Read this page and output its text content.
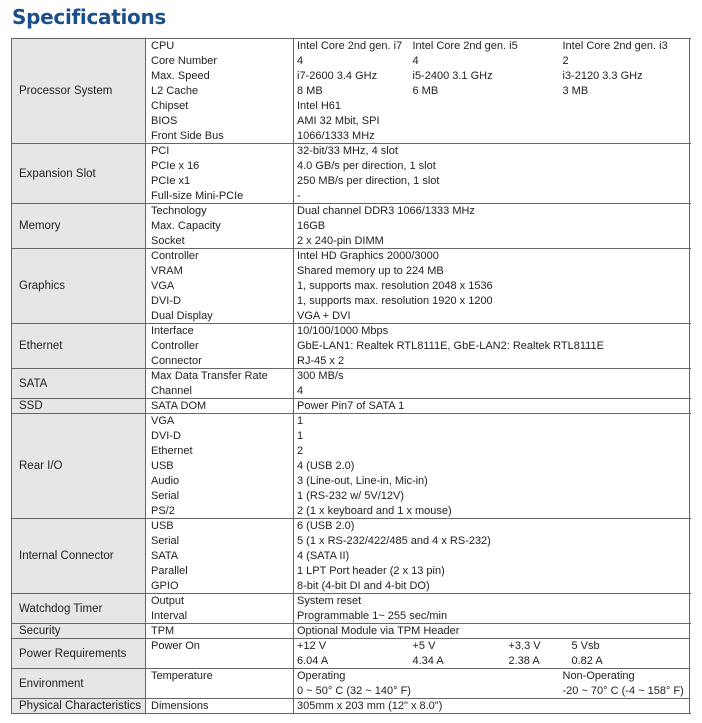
Specifications
Processor System	CPU	Intel Core 2nd gen. i7	Intel Core 2nd gen. i5		Intel Core 2nd gen. i3
	Core Number	4	4		2
	Max. Speed	i7-2600 3.4 GHz	i5-2400 3.1 GHz		i3-2120 3.3 GHz
	L2 Cache	8 MB	6 MB		3 MB
	Chipset	Intel H61			
	BIOS	AMI 32 Mbit, SPI			
	Front Side Bus	1066/1333 MHz			
Expansion Slot	PCI	32-bit/33 MHz, 4 slot			
	PCIe x 16	4.0 GB/s per direction, 1 slot			
	PCIe x1	250 MB/s per direction, 1 slot			
	Full-size Mini-PCIe	-			
Memory	Technology	Dual channel DDR3 1066/1333 MHz			
	Max. Capacity	16GB			
	Socket	2 x 240-pin DIMM			
Graphics	Controller	Intel HD Graphics 2000/3000			
	VRAM	Shared memory up to 224 MB			
	VGA	1, supports max. resolution 2048 x 1536			
	DVI-D	1, supports max. resolution 1920 x 1200			
	Dual Display	VGA + DVI			
Ethernet	Interface	10/100/1000 Mbps			
	Controller	GbE-LAN1: Realtek RTL8111E, GbE-LAN2: Realtek RTL8111E			
	Connector	RJ-45 x 2			
SATA	Max Data Transfer Rate	300 MB/s			
	Channel	4			
SSD	SATA DOM	Power Pin7 of SATA 1			
Rear I/O	VGA	1			
	DVI-D	1			
	Ethernet	2			
	USB	4 (USB 2.0)			
	Audio	3 (Line-out, Line-in, Mic-in)			
	Serial	1 (RS-232 w/ 5V/12V)			
	PS/2	2 (1 x keyboard and 1 x mouse)			
Internal Connector	USB	6 (USB 2.0)			
	Serial	5 (1 x RS-232/422/485 and 4 x RS-232)			
	SATA	4 (SATA II)			
	Parallel	1 LPT Port header (2 x 13 pin)			
	GPIO	8-bit (4-bit DI and 4-bit DO)			
Watchdog Timer	Output	System reset			
	Interval	Programmable 1~ 255 sec/min			
Security	TPM	Optional Module via TPM Header			
Power Requirements	Power On	+12 V	+5 V	+3.3 V	5 Vsb
		6.04 A	4.34 A	2.38 A	0.82 A
Environment	Temperature	Operating			Non-Operating
		0 ~ 50° C (32 ~ 140° F)			-20 ~ 70° C (-4 ~ 158° F)
Physical Characteristics	Dimensions	305mm x 203 mm (12" x 8.0")			
